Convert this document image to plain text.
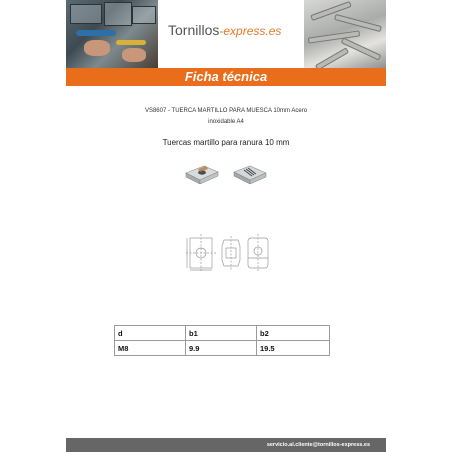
Tornillos-express.es
Ficha técnica
VS8607 - TUERCA MARTILLO PARA MUESCA 10mm Acero
inoxidable A4
Tuercas martillo para ranura 10 mm
d	b1	b2
M8	9.9	19.5
servicio.al.cliente@tornillos-express.es
